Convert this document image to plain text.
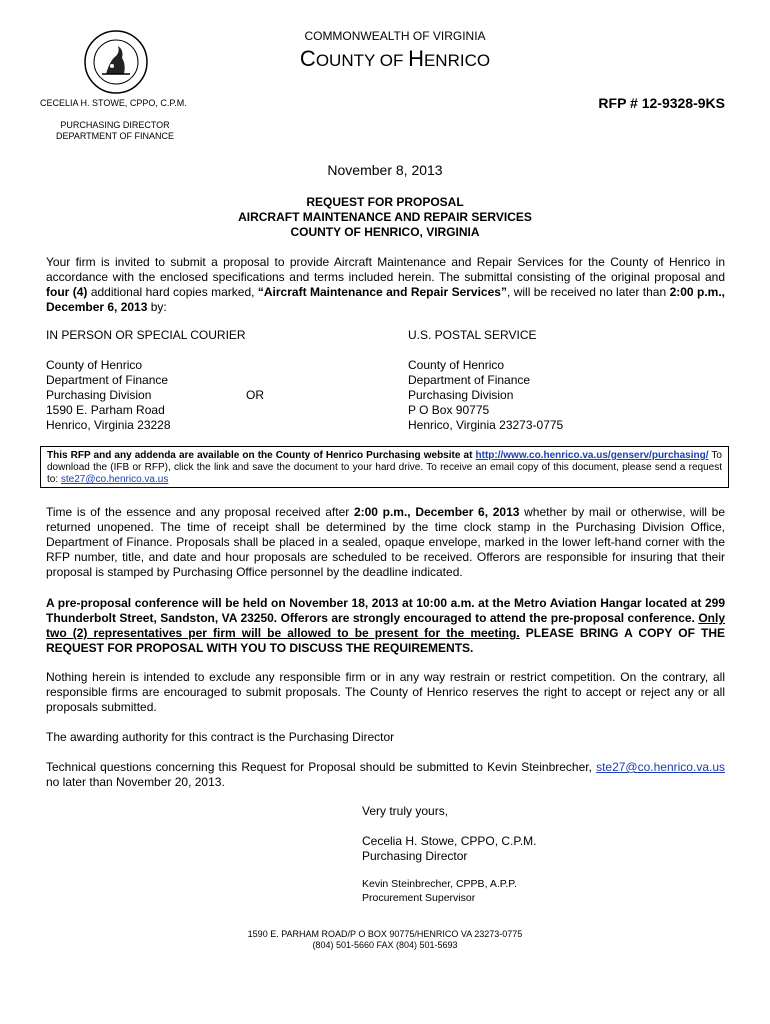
COMMONWEALTH OF VIRGINIA
COUNTY OF HENRICO
CECELIA H. STOWE, CPPO, C.P.M.
PURCHASING DIRECTOR
DEPARTMENT OF FINANCE
RFP # 12-9328-9KS
November 8, 2013
REQUEST FOR PROPOSAL
AIRCRAFT MAINTENANCE AND REPAIR SERVICES
COUNTY OF HENRICO, VIRGINIA
Your firm is invited to submit a proposal to provide Aircraft Maintenance and Repair Services for the County of Henrico in accordance with the enclosed specifications and terms included herein. The submittal consisting of the original proposal and four (4) additional hard copies marked, “Aircraft Maintenance and Repair Services”, will be received no later than 2:00 p.m., December 6, 2013 by:
IN PERSON OR SPECIAL COURIER	U.S. POSTAL SERVICE
County of Henrico
Department of Finance
Purchasing Division
1590 E. Parham Road
Henrico, Virginia 23228
OR
County of Henrico
Department of Finance
Purchasing Division
P O Box 90775
Henrico, Virginia 23273-0775
This RFP and any addenda are available on the County of Henrico Purchasing website at http://www.co.henrico.va.us/genserv/purchasing/ To download the (IFB or RFP), click the link and save the document to your hard drive. To receive an email copy of this document, please send a request to: ste27@co.henrico.va.us
Time is of the essence and any proposal received after 2:00 p.m., December 6, 2013 whether by mail or otherwise, will be returned unopened. The time of receipt shall be determined by the time clock stamp in the Purchasing Division Office, Department of Finance. Proposals shall be placed in a sealed, opaque envelope, marked in the lower left-hand corner with the RFP number, title, and date and hour proposals are scheduled to be received. Offerors are responsible for insuring that their proposal is stamped by Purchasing Office personnel by the deadline indicated.
A pre-proposal conference will be held on November 18, 2013 at 10:00 a.m. at the Metro Aviation Hangar located at 299 Thunderbolt Street, Sandston, VA 23250. Offerors are strongly encouraged to attend the pre-proposal conference. Only two (2) representatives per firm will be allowed to be present for the meeting. PLEASE BRING A COPY OF THE REQUEST FOR PROPOSAL WITH YOU TO DISCUSS THE REQUIREMENTS.
Nothing herein is intended to exclude any responsible firm or in any way restrain or restrict competition. On the contrary, all responsible firms are encouraged to submit proposals. The County of Henrico reserves the right to accept or reject any or all proposals submitted.
The awarding authority for this contract is the Purchasing Director
Technical questions concerning this Request for Proposal should be submitted to Kevin Steinbrecher, ste27@co.henrico.va.us no later than November 20, 2013.
Very truly yours,
Cecelia H. Stowe, CPPO, C.P.M.
Purchasing Director
Kevin Steinbrecher, CPPB, A.P.P.
Procurement Supervisor
1590 E. PARHAM ROAD/P O BOX 90775/HENRICO VA 23273-0775
(804) 501-5660 FAX (804) 501-5693
